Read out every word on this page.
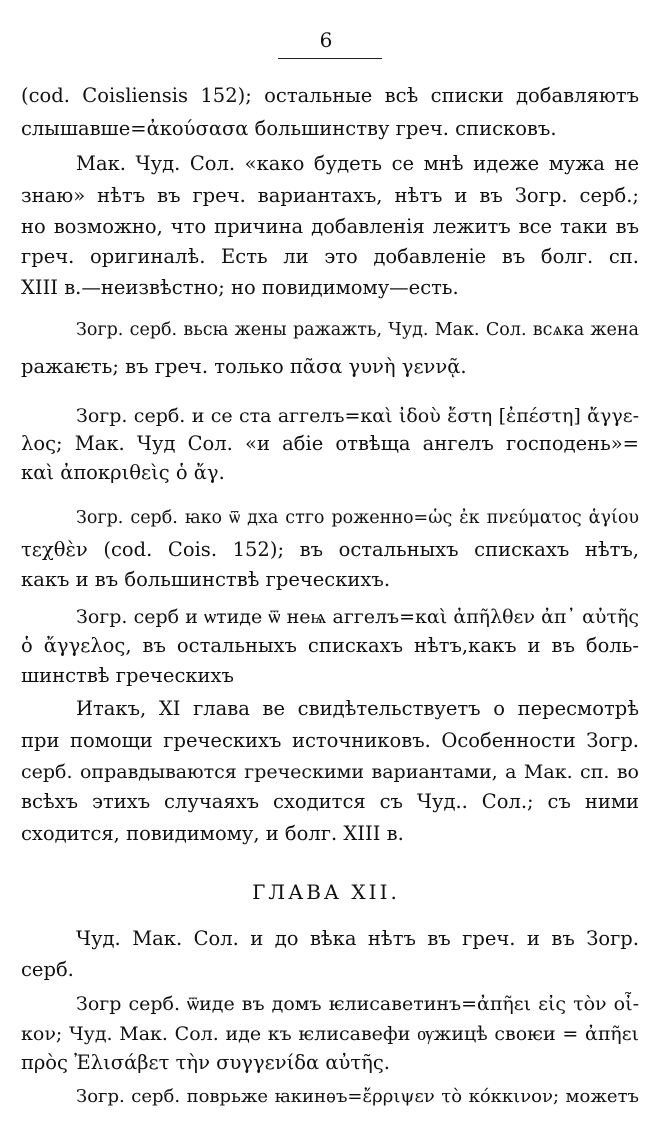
6
(cod. Coisliensis 152); остальные всѣ списки добавляютъ
слышавше=ἀκούσασα большинству греч. списковъ.
Мак. Чуд. Сол. «како будеть се мнѣ идеже мужа не
знаю» нѣтъ въ греч. вариантахъ, нѣтъ и въ Зогр. серб.;
но возможно, что причина добавленія лежитъ все таки въ
греч. оригиналѣ. Есть ли это добавленіе въ болг. сп.
XIII в.—неизвѣстно; но повидимому—есть.
Зогр. серб. вьсꙗ жены ражажть, Чуд. Мак. Сол. всѧка жена
ражаѥть; въ греч. только πᾶσα γυνὴ γεννᾷ.
Зогр. серб. и се ста аггелъ=καὶ ἰδοὺ ἔστη [ἐπέστη] ἄγγε-
λος; Мак. Чуд Сол. «и абіе отвѣща ангелъ господень»=
καὶ ἀποκριθεὶς ὁ ἄγ.
Зогр. серб. ꙗко ѿ дха стго роженно=ὡς ἐκ πνεύματος ἁγίου
τεχθὲν (cod. Cois. 152); въ остальныхъ спискахъ нѣтъ,
какъ и въ большинствѣ греческихъ.
Зогр. серб и ѡтиде ѿ неѩ аггелъ=καὶ ἀπῆλθεν ἀπ᾽ αὐτῆς
ὁ ἄγγελος, въ остальныхъ спискахъ нѣтъ,какъ и въ боль-
шинствѣ греческихъ
Итакъ, XI глава ве свидѣтельствуетъ о пересмотрѣ
при помощи греческихъ источниковъ. Особенности Зогр.
серб. оправдываются греческими вариантами, а Мак. сп. во
всѣхъ этихъ случаяхъ сходится съ Чуд.. Сол.; съ ними
сходится, повидимому, и болг. XIII в.
ГЛАВА XII.
Чуд. Мак. Сол. и до вѣка нѣтъ въ греч. и въ Зогр.
серб.
Зогр серб. ѿиде въ домъ ѥлисаветинъ=ἀπῆει εἰς τὸν οἶ-
κον; Чуд. Мак. Сол. иде къ ѥлисавефи ѹжицѣ своѥи = ἀπῆει
πρὸς Ἐλισάβετ τὴν συγγενίδα αὐτῆς.
Зогр. серб. поврьже ꙗкинѳъ=ἔρριψεν τὸ κόκκινον; можетъ
